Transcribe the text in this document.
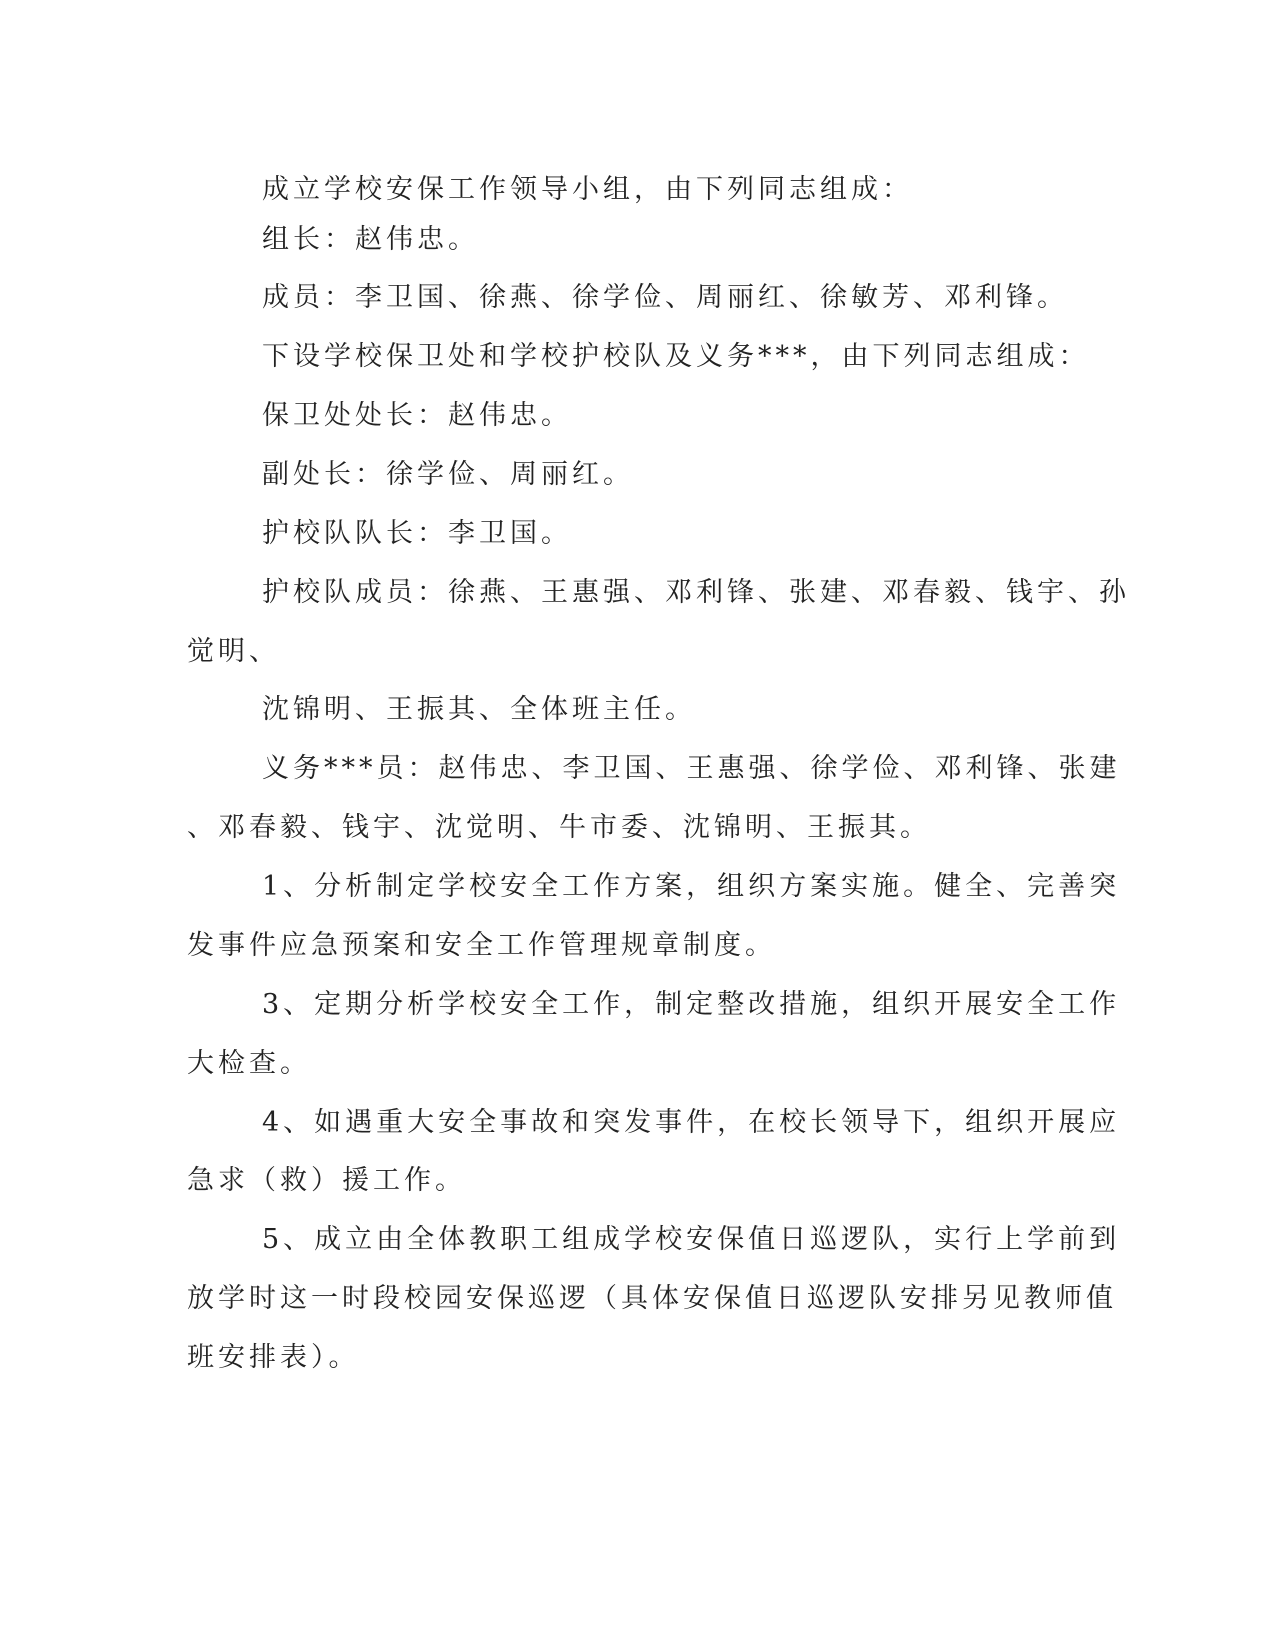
成立学校安保工作领导小组，由下列同志组成：
组长：赵伟忠。
成员：李卫国、徐燕、徐学俭、周丽红、徐敏芳、邓利锋。
下设学校保卫处和学校护校队及义务***，由下列同志组成：
保卫处处长：赵伟忠。
副处长：徐学俭、周丽红。
护校队队长：李卫国。
护校队成员：徐燕、王惠强、邓利锋、张建、邓春毅、钱宇、孙
觉明、
沈锦明、王振其、全体班主任。
义务***员：赵伟忠、李卫国、王惠强、徐学俭、邓利锋、张建
、邓春毅、钱宇、沈觉明、牛市委、沈锦明、王振其。
1、分析制定学校安全工作方案，组织方案实施。健全、完善突
发事件应急预案和安全工作管理规章制度。
3、定期分析学校安全工作，制定整改措施，组织开展安全工作
大检查。
4、如遇重大安全事故和突发事件，在校长领导下，组织开展应
急求（救）援工作。
5、成立由全体教职工组成学校安保值日巡逻队，实行上学前到
放学时这一时段校园安保巡逻（具体安保值日巡逻队安排另见教师值
班安排表）。
